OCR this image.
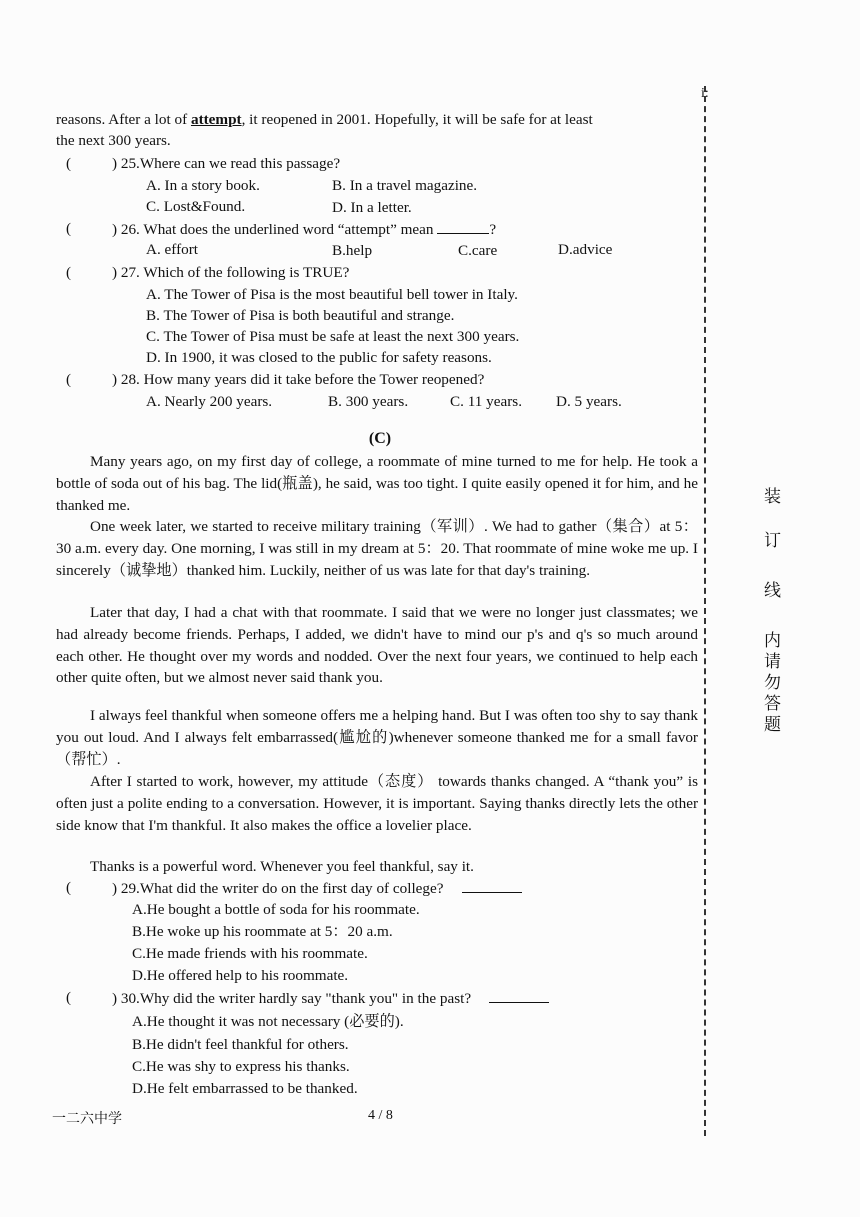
i:
reasons. After a lot of attempt, it reopened in 2001. Hopefully, it will be safe for at least
the next 300 years.
(	) 25.Where can we read this passage?
A. In a story book.	B. In a travel magazine.
C. Lost&Found.	D. In a letter.
(	) 26. What does the underlined word “attempt” mean	?
A. effort	B.help	C.care	D.advice
(	) 27. Which of the following is TRUE?
A. The Tower of Pisa is the most beautiful bell tower in Italy.
B. The Tower of Pisa is both beautiful and strange.
C. The Tower of Pisa must be safe at least the next 300 years.
D. In 1900, it was closed to the public for safety reasons.
(	) 28. How many years did it take before the Tower reopened?
A. Nearly 200 years.	B. 300 years.	C. 11 years. D. 5 years.
(C)
Many years ago, on my first day of college, a roommate of mine turned to me for help. He took a bottle of soda out of his bag. The lid(瓶盖), he said, was too tight. I quite easily opened it for him, and he thanked me.
One week later, we started to receive military training（军训）. We had to gather（集合）at 5：30 a.m. every day. One morning, I was still in my dream at 5：20. That roommate of mine woke me up. I sincerely（诚挚地）thanked him. Luckily, neither of us was late for that day's training.
Later that day, I had a chat with that roommate. I said that we were no longer just classmates; we had already become friends. Perhaps, I added, we didn't have to mind our p's and q's so much around each other. He thought over my words and nodded. Over the next four years, we continued to help each other quite often, but we almost never said thank you.
I always feel thankful when someone offers me a helping hand. But I was often too shy to say thank you out loud. And I always felt embarrassed(尴尬的)whenever someone thanked me for a small favor（帮忙）.
After I started to work, however, my attitude（态度） towards thanks changed. A “thank you” is often just a polite ending to a conversation. However, it is important. Saying thanks directly lets the other side know that I'm thankful. It also makes the office a lovelier place.
Thanks is a powerful word. Whenever you feel thankful, say it.
(	) 29.What did the writer do on the first day of college?
A.He bought a bottle of soda for his roommate.
B.He woke up his roommate at 5：20 a.m.
C.He made friends with his roommate.
D.He offered help to his roommate.
(	) 30.Why did the writer hardly say "thank you" in the past?
A.He thought it was not necessary (必要的).
B.He didn't feel thankful for others.
C.He was shy to express his thanks.
D.He felt embarrassed to be thanked.
一二六中学	4 / 8
装
订
线
内
请
勿
答
题
